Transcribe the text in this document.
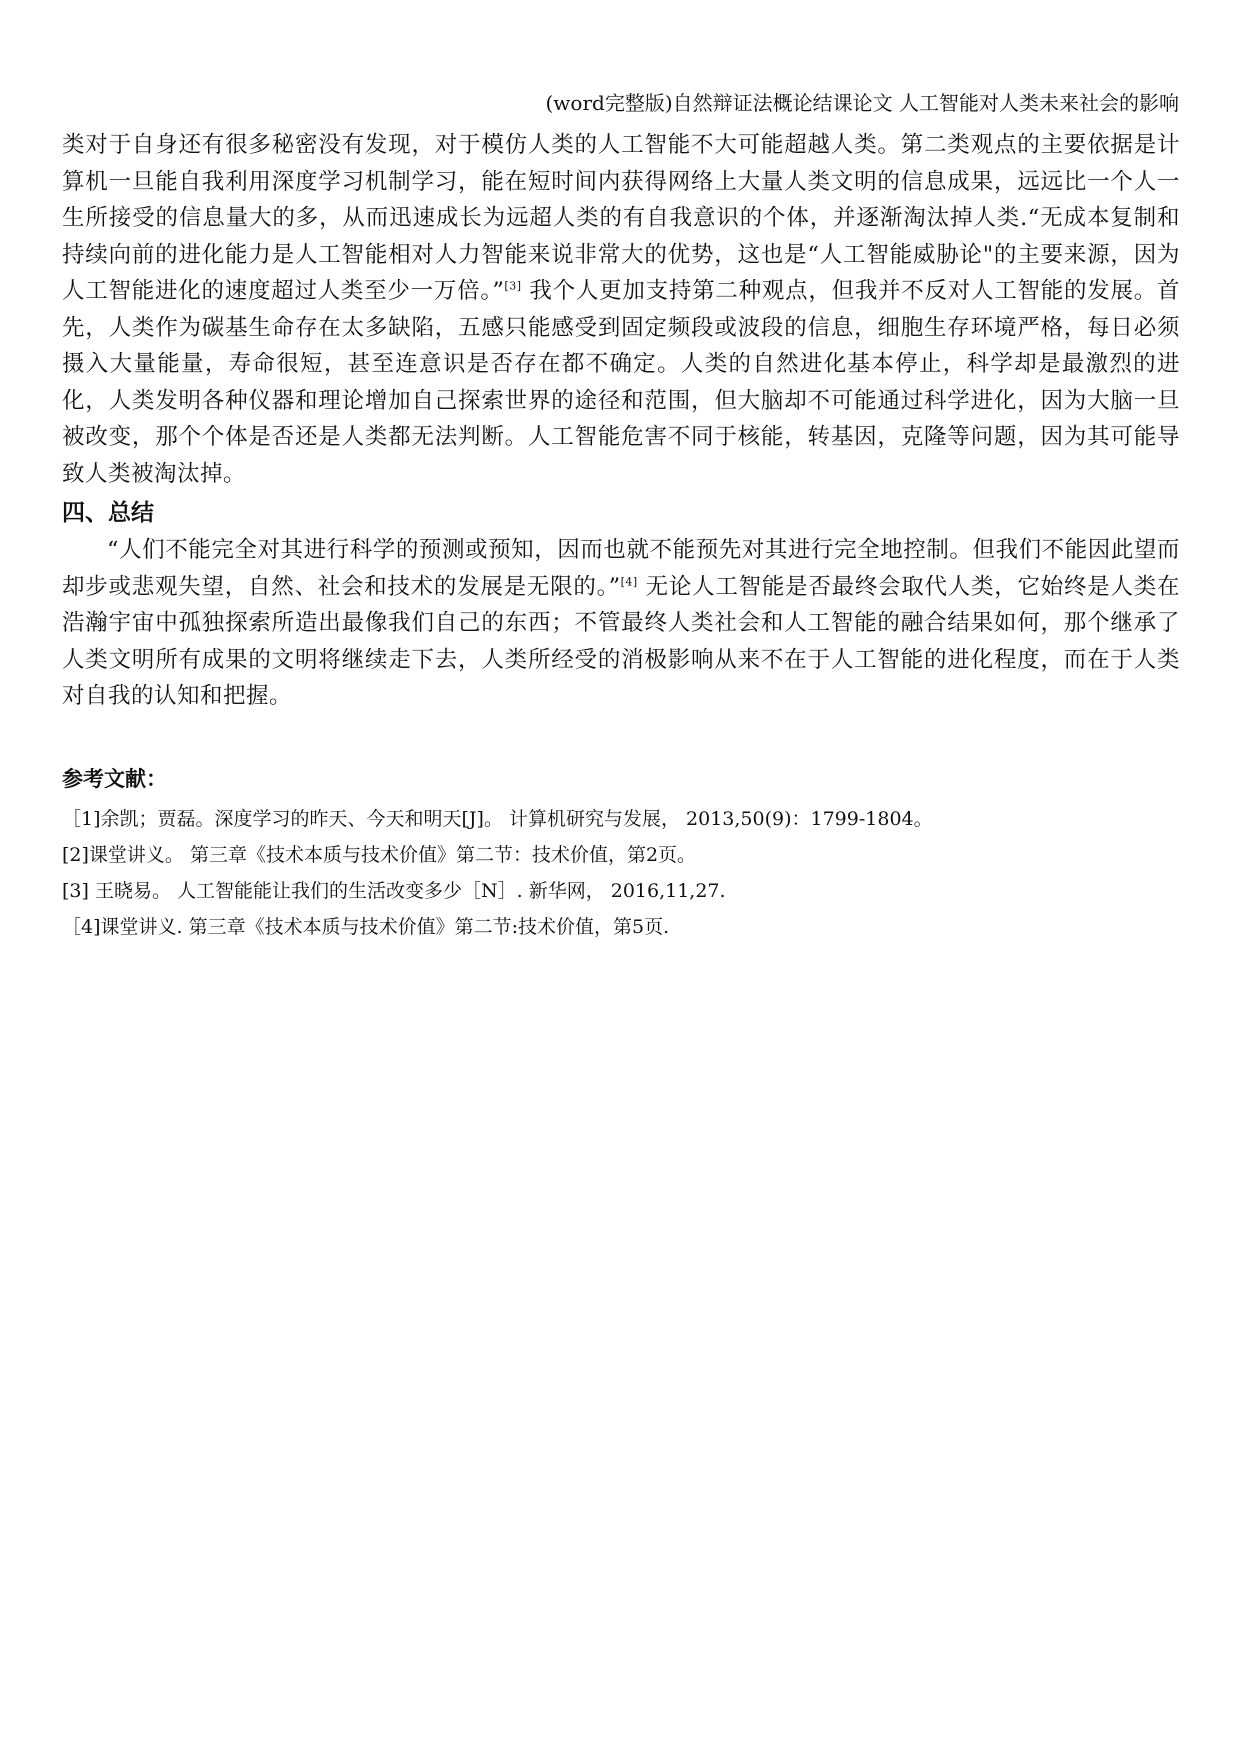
(word完整版)自然辩证法概论结课论文 人工智能对人类未来社会的影响

类对于自身还有很多秘密没有发现，对于模仿人类的人工智能不大可能超越人类。第二类观点的主要依据是计算机一旦能自我利用深度学习机制学习，能在短时间内获得网络上大量人类文明的信息成果，远远比一个人一生所接受的信息量大的多，从而迅速成长为远超人类的有自我意识的个体，并逐渐淘汰掉人类.“无成本复制和持续向前的进化能力是人工智能相对人力智能来说非常大的优势，这也是“人工智能威胁论"的主要来源，因为人工智能进化的速度超过人类至少一万倍。”[3] 我个人更加支持第二种观点，但我并不反对人工智能的发展。首先，人类作为碳基生命存在太多缺陷，五感只能感受到固定频段或波段的信息，细胞生存环境严格，每日必须摄入大量能量，寿命很短，甚至连意识是否存在都不确定。人类的自然进化基本停止，科学却是最激烈的进化，人类发明各种仪器和理论增加自己探索世界的途径和范围，但大脑却不可能通过科学进化，因为大脑一旦被改变，那个个体是否还是人类都无法判断。人工智能危害不同于核能，转基因，克隆等问题，因为其可能导致人类被淘汰掉。

四、总结

“人们不能完全对其进行科学的预测或预知，因而也就不能预先对其进行完全地控制。但我们不能因此望而却步或悲观失望，自然、社会和技术的发展是无限的。”[4] 无论人工智能是否最终会取代人类，它始终是人类在浩瀚宇宙中孤独探索所造出最像我们自己的东西；不管最终人类社会和人工智能的融合结果如何，那个继承了人类文明所有成果的文明将继续走下去，人类所经受的消极影响从来不在于人工智能的进化程度，而在于人类对自我的认知和把握。

参考文献：
［1]余凯；贾磊。深度学习的昨天、今天和明天[J]。 计算机研究与发展， 2013,50(9)：1799-1804。
[2]课堂讲义。 第三章《技术本质与技术价值》第二节：技术价值，第2页。
[3] 王晓易。 人工智能能让我们的生活改变多少［N］. 新华网， 2016,11,27.
［4]课堂讲义. 第三章《技术本质与技术价值》第二节:技术价值，第5页.
